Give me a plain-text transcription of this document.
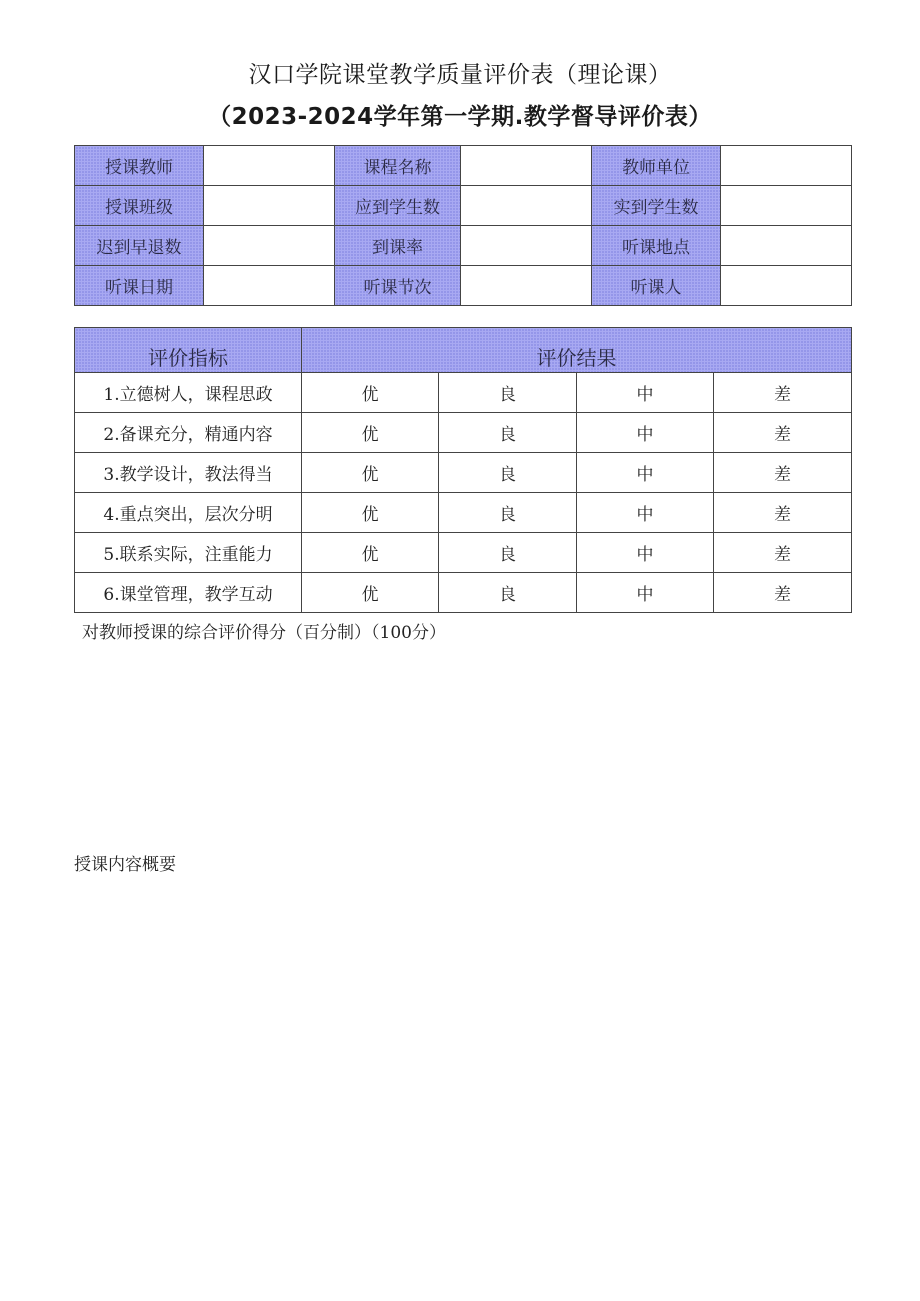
汉口学院课堂教学质量评价表（理论课）
（2023-2024学年第一学期.教学督导评价表）
授课教师		课程名称		教师单位	
授课班级		应到学生数		实到学生数	
迟到早退数		到课率		听课地点	
听课日期		听课节次		听课人	
评价指标	评价结果			
1.立德树人，课程思政	优	良	中	差
2.备课充分，精通内容	优	良	中	差
3.教学设计，教法得当	优	良	中	差
4.重点突出，层次分明	优	良	中	差
5.联系实际，注重能力	优	良	中	差
6.课堂管理，教学互动	优	良	中	差
对教师授课的综合评价得分（百分制）（100分）
授课内容概要
